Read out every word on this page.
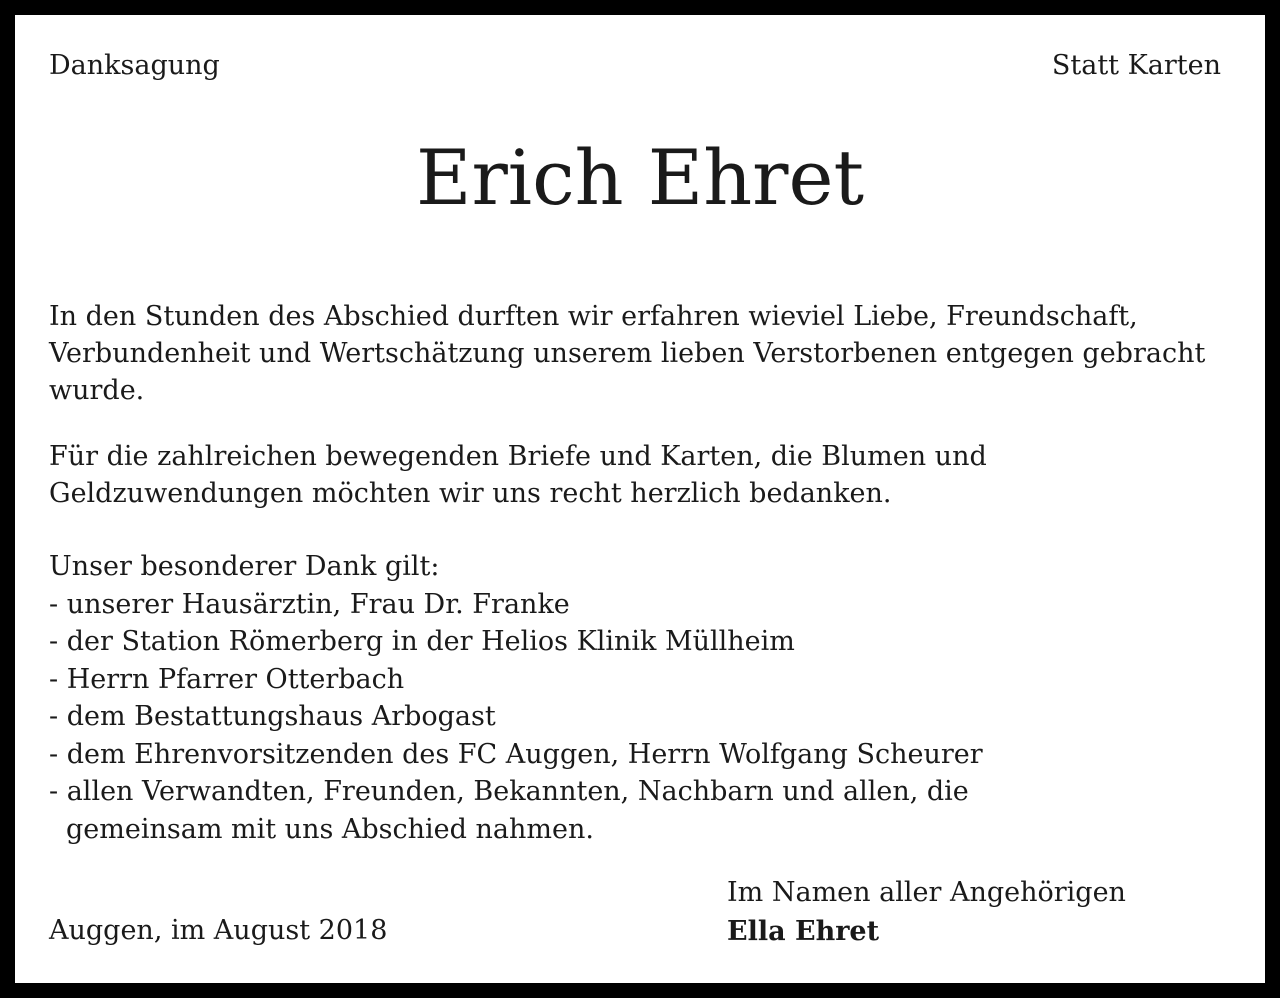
Danksagung	Statt Karten

Erich Ehret

In den Stunden des Abschied durften wir erfahren wieviel Liebe, Freundschaft, Verbundenheit und Wertschätzung unserem lieben Verstorbenen entgegen gebracht wurde.

Für die zahlreichen bewegenden Briefe und Karten, die Blumen und Geldzuwendungen möchten wir uns recht herzlich bedanken.

Unser besonderer Dank gilt:
- unserer Hausärztin, Frau Dr. Franke
- der Station Römerberg in der Helios Klinik Müllheim
- Herrn Pfarrer Otterbach
- dem Bestattungshaus Arbogast
- dem Ehrenvorsitzenden des FC Auggen, Herrn Wolfgang Scheurer
- allen Verwandten, Freunden, Bekannten, Nachbarn und allen, die gemeinsam mit uns Abschied nahmen.

Auggen, im August 2018

Im Namen aller Angehörigen
Ella Ehret
